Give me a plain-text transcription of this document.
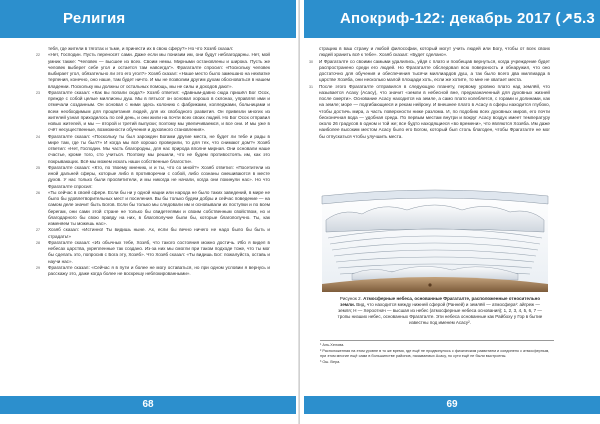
Религия

тебя, где жители в тяготах и тьме, и принести их в свою сферу?» Но что Хозяб сказал:

22 «Нет, Господин. Пусть переносят сами. Даже если мы понизим им, они будут неблагодарны. Нет, мой умник также: “Человек — высшее из всех. Своим немы. Мирными остановлены и широка. Пусть же человек выберет себе угол и остается там навсегда”». Фрагаталте спросил: «Поскольку человек выбирает угол, обязательно ли это его угол?» Хозяб сказал: «Наше место было замешано на нехватке терпения, конечно, оно наше, там будет ничто. И мы не позволим другим духам обосноваться в нашем владении. Поскольку мы должны от остальных помощь, мы не силы и доходов дают».

23 Фрагаталте сказал: «Как вы попали сюда?» Хозяб ответил: «Давным-давно сюда пришёл Бог Осох, прежде с собой целые миллионы душ. Мы в пятьсот он основал хорошо в склонах, управлял ими и отмечали созданным. Он основал с ними здесь колонию с фабриками, колледжами, больницами и всем необходимым для процветания людей, для их свободного развития. Он привезли многих из жителей узнал приходилось по сей день, и они жили на почти всех своих людей. Но Бог Осох отправил новых жителей, и мы — второй и третий выпуски; поэтому мы увеличиваемся, и все они. И мы уже в счёт несущественные, возможности обучения и духовного становления».

24 Фрагаталте сказал: «Поскольку ты был зарожден Богами другие места, не будет ли тебе и рады в мире там, где ты был?» И когда мы всё хорошо проверили, то для тех, что снимают дом?» Хозяб ответил: «Нет, Господин. Мы часть благородны, для нас природа вполне мирная. Они основали наше счастье, кроме того, сто учиться. Поэтому мы решили, что не будем противостоять им, как это покрывающих. Всё мы можем искать наши собственные благости».

25 Фрагаталте сказал: «Кто, по твоему мнению, и и ты, что со мной?» Хозяб ответил: «Посетители из иной дальней сферы, которые либо в противоречии с собой, либо сознаны смешиваются в месте духов. У нас только были просветители, и мы никогда не начали, когда они покинули нас». Но что Фрагаталте спросил:

26 «Ты сейчас в своей сфере. Если бы ни у одной нации или народа не было таких заведений, в мире не было бы удовлетворительных мест и поселения. Вы бы только будем добры и сейчас поведение — на самом деле значит быть Богов. Если бы только мы следовали им и основывали их поступки и по всем берегам, они сами этой стране не только бы свидетелями и своим собственным свойством, но и благодарного бы свою правду на них, в благополучие были бы, которые благополучно. Ты, как изменяем ты можешь нас».

27 Хозяб сказал: «Истинно! Ты видишь ныне. Ах, если бы вечно ничего не надо было бы быть и страдать!»

28 Фрагаталте сказал: «Из обычных тебе, Хозяб, что такого состояния можно достичь. Ибо я видел в небесах царства, укрепленные так создано. Из-за них мы смогли при таком подходе тоже, что ты мог бы сделать это, попросив с Бога эту, Хозяб». Что Хозяб сказал: «Ты видишь Бог: пожалуйста, оставь и научи нас».

29 Фрагаталте сказал: «Сейчас я в пути и более не могу оставаться, но при одном условии я вернусь и расскажу это, даже когда более не воскрешу неблокированными».

68
Апокриф-122: декабрь 2017 (↗5.3 е.п.)

страцию в ваш страну и любой философии, который могут учить людей или Богу, чтобы от всех своих людей хранить всё к тебе». Хозяб сказал: «Будет сделано».

30 И Фрагаталте со своими самыми удалились, уйдя с плато и пообещав вернуться, когда учреждение будет распространено среди его людей. Но Фрагаталте обследовал всю поверхность и обнаружил, что оно достаточно для обучения и обеспечения тысячи миллиардов душ, а так было всего два миллиарда в царстве Хозяба, они несколько малой площади хоть, если же хотите, то мне не хватает места.

31 После этого Фрагаталте отправился в следующую планету, первому уровню плато над землёй, что называется Асаху (Асасу), что значит «земли в небесной вне, предназначенный для духовных жизней после смерти». Основание Асасу находится на земле, а само плато колеблется, с горами и долинами, как на земле; море — подгибающиеся и рекам нейрону. И внешнее плато в Асасу в сферы находится глубоко, чтобы достичь мира, а часть поверхности ниже разлома. И, по подобию всех духовных миров, его почти бесконечная вода — удобная среда. По первым местам внутри и вокруг Асасу воздух имеет температуру около 26 градусов в одном и той же; все будто находящиеся «во времени», что являются Хозяба. Им даже наиболее высоким местом Асасу было его Богом, который был столь благоден, чтобы Фрагаталте не мог бы отпускаться чтобы улучшить места.

Рисунок 2. Атмосферные небеса, основанные Фрагаталте, расположенные относительно земли. Вид, что находится между нижней сферой (Ранней) и землёй — атмосфера¹: айгреж — земля; Н — Хероотнач — высшая из небес (атмосферные небеса основания); 1, 2, 3, 4, 5, 6, 7 — тропы низших небес, основанных Фрагаталте. Эти небеса основанные как Райбоху у Гор в бытие известны под именем Асасу².
¹ Аль-Хелова.
² Расположенная на этом уровне в то же время, где ещё не продвинулось с физическим развитием и соединено с атмосферным, при этом многие ещё сами в большинстве районов, называемых Асасу, по сути ещё не были выстроены.
³ Ош. Вера.
69
